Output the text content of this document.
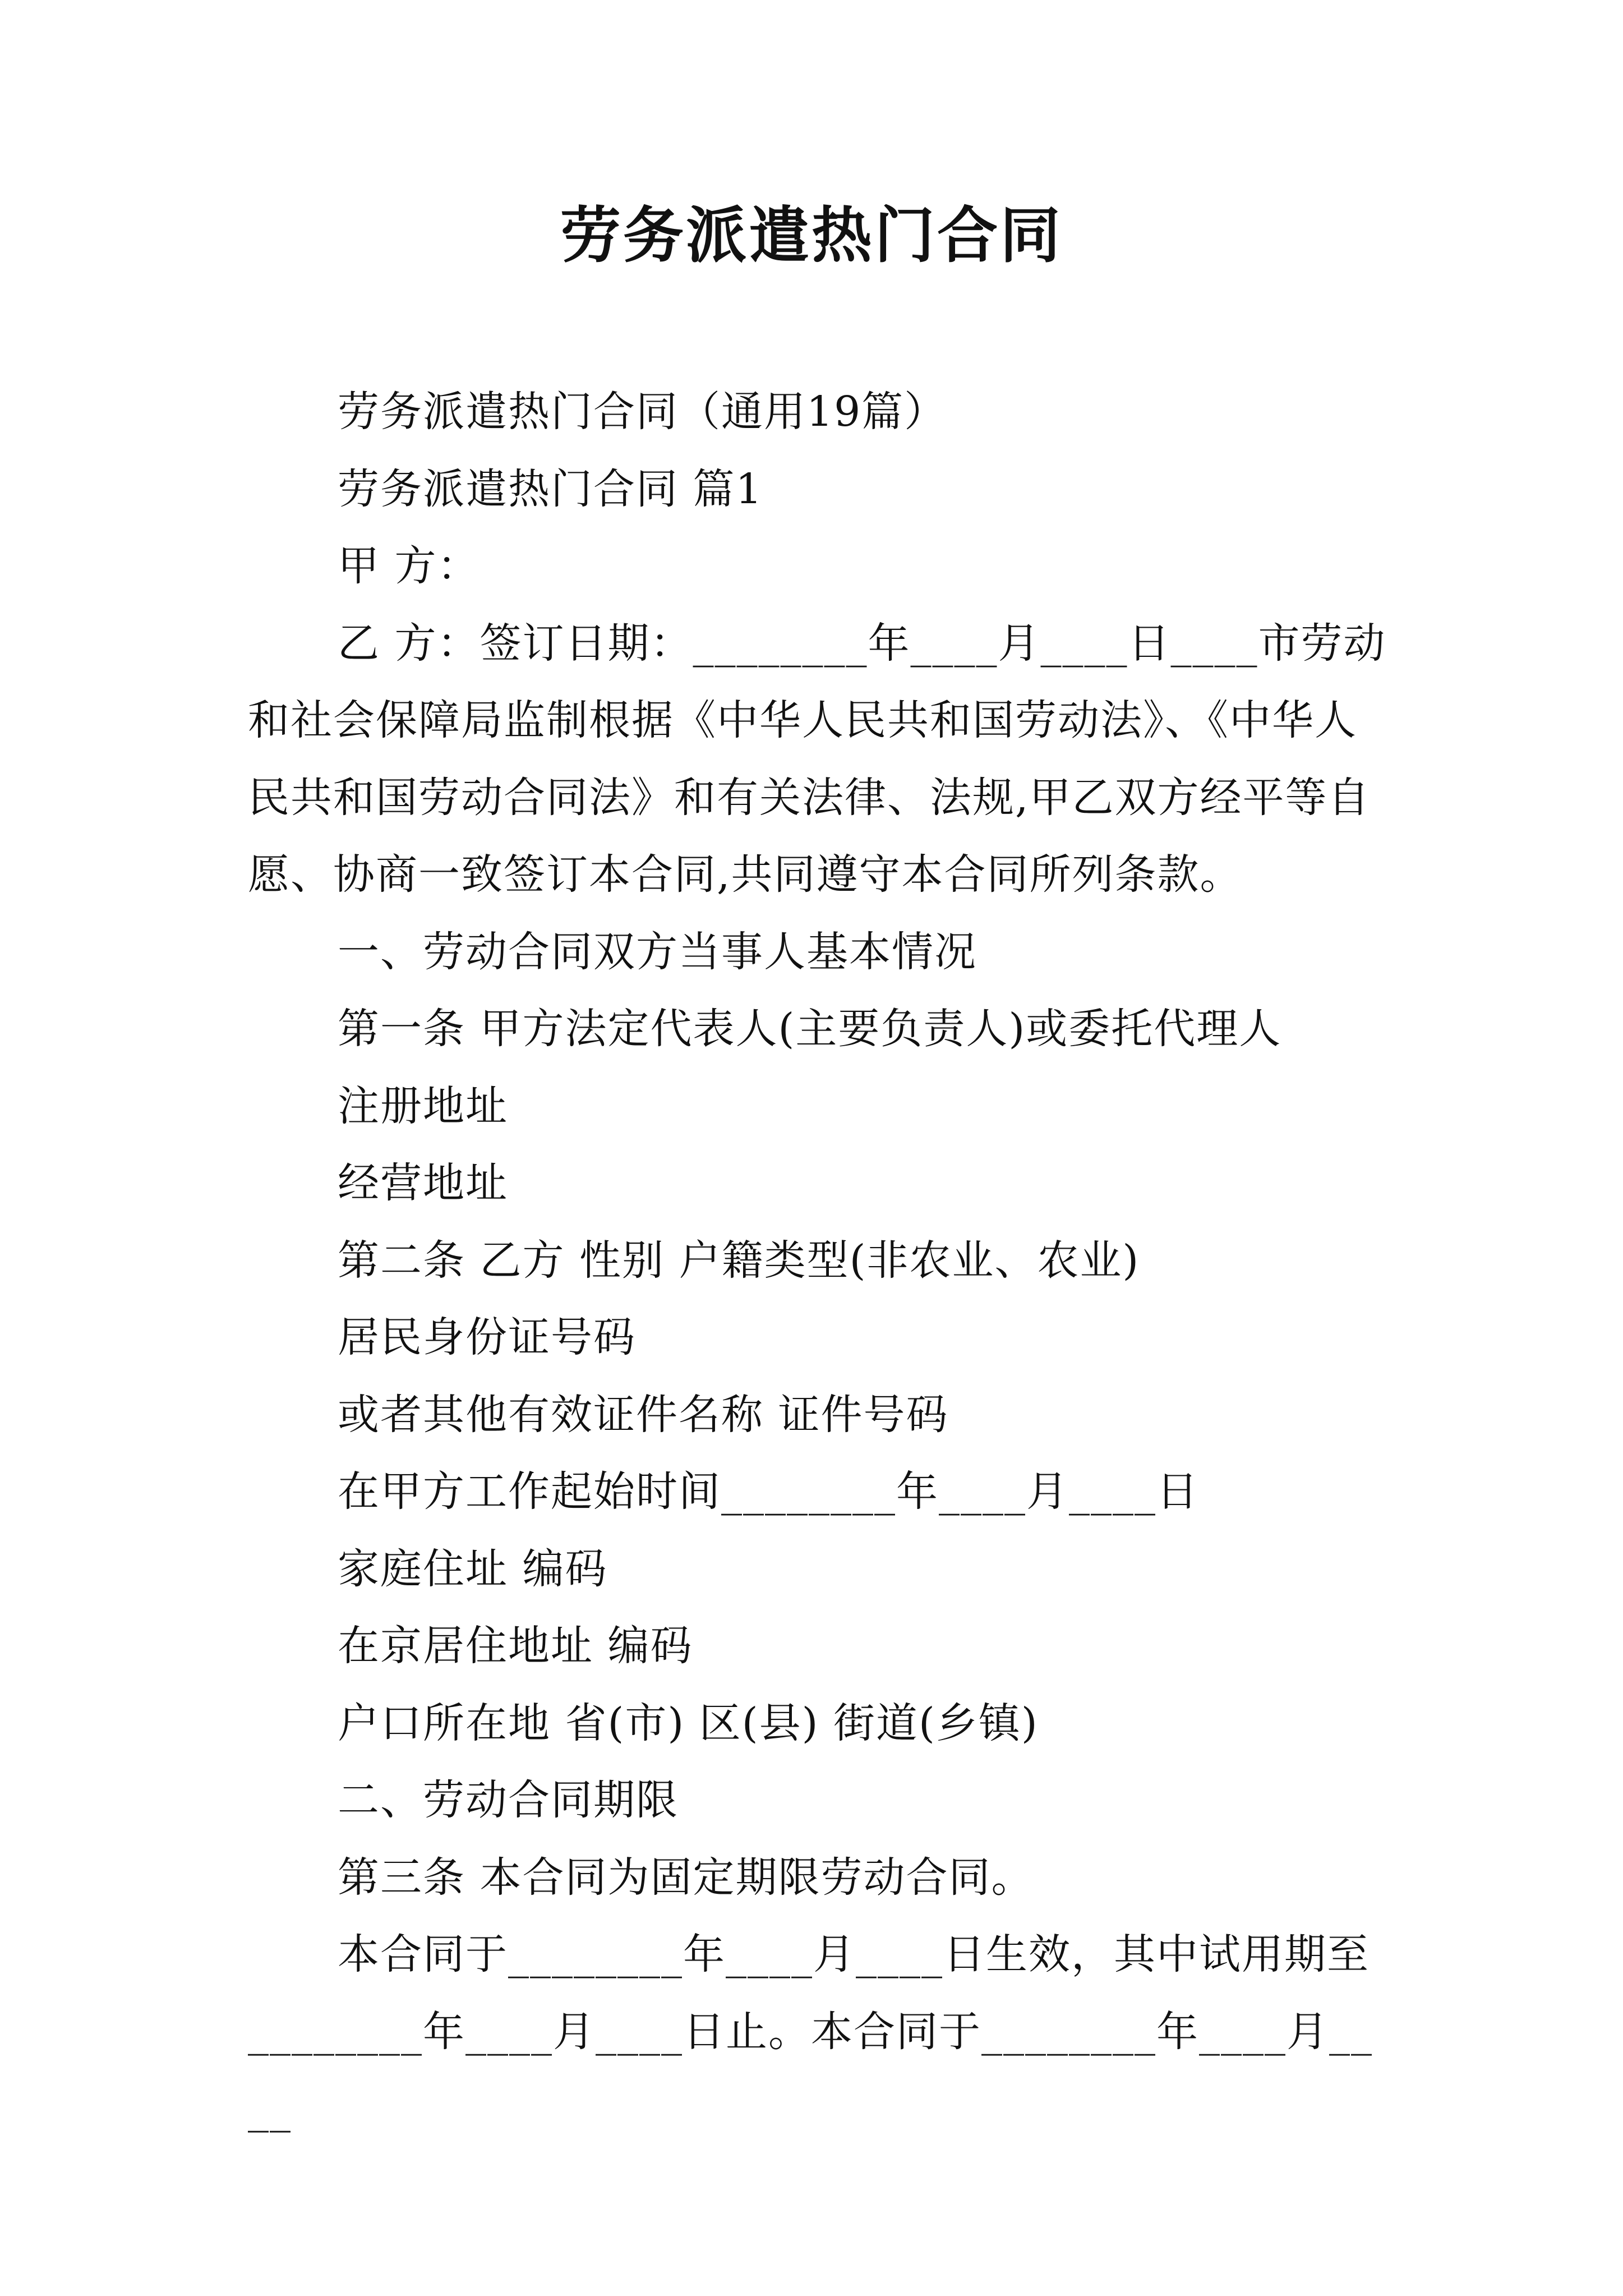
劳务派遣热门合同

劳务派遣热门合同（通用19篇）

劳务派遣热门合同 篇1

甲 方：

乙 方：签订日期：________年____月____日____市劳动和社会保障局监制根据《中华人民共和国劳动法》、《中华人民共和国劳动合同法》和有关法律、法规,甲乙双方经平等自愿、协商一致签订本合同,共同遵守本合同所列条款。

一、劳动合同双方当事人基本情况

第一条 甲方法定代表人(主要负责人)或委托代理人

注册地址

经营地址

第二条 乙方 性别 户籍类型(非农业、农业)

居民身份证号码

或者其他有效证件名称 证件号码

在甲方工作起始时间________年____月____日

家庭住址 编码

在京居住地址 编码

户口所在地 省(市) 区(县) 街道(乡镇)

二、劳动合同期限

第三条 本合同为固定期限劳动合同。

本合同于________年____月____日生效，其中试用期至________年____月____日止。本合同于________年____月____
